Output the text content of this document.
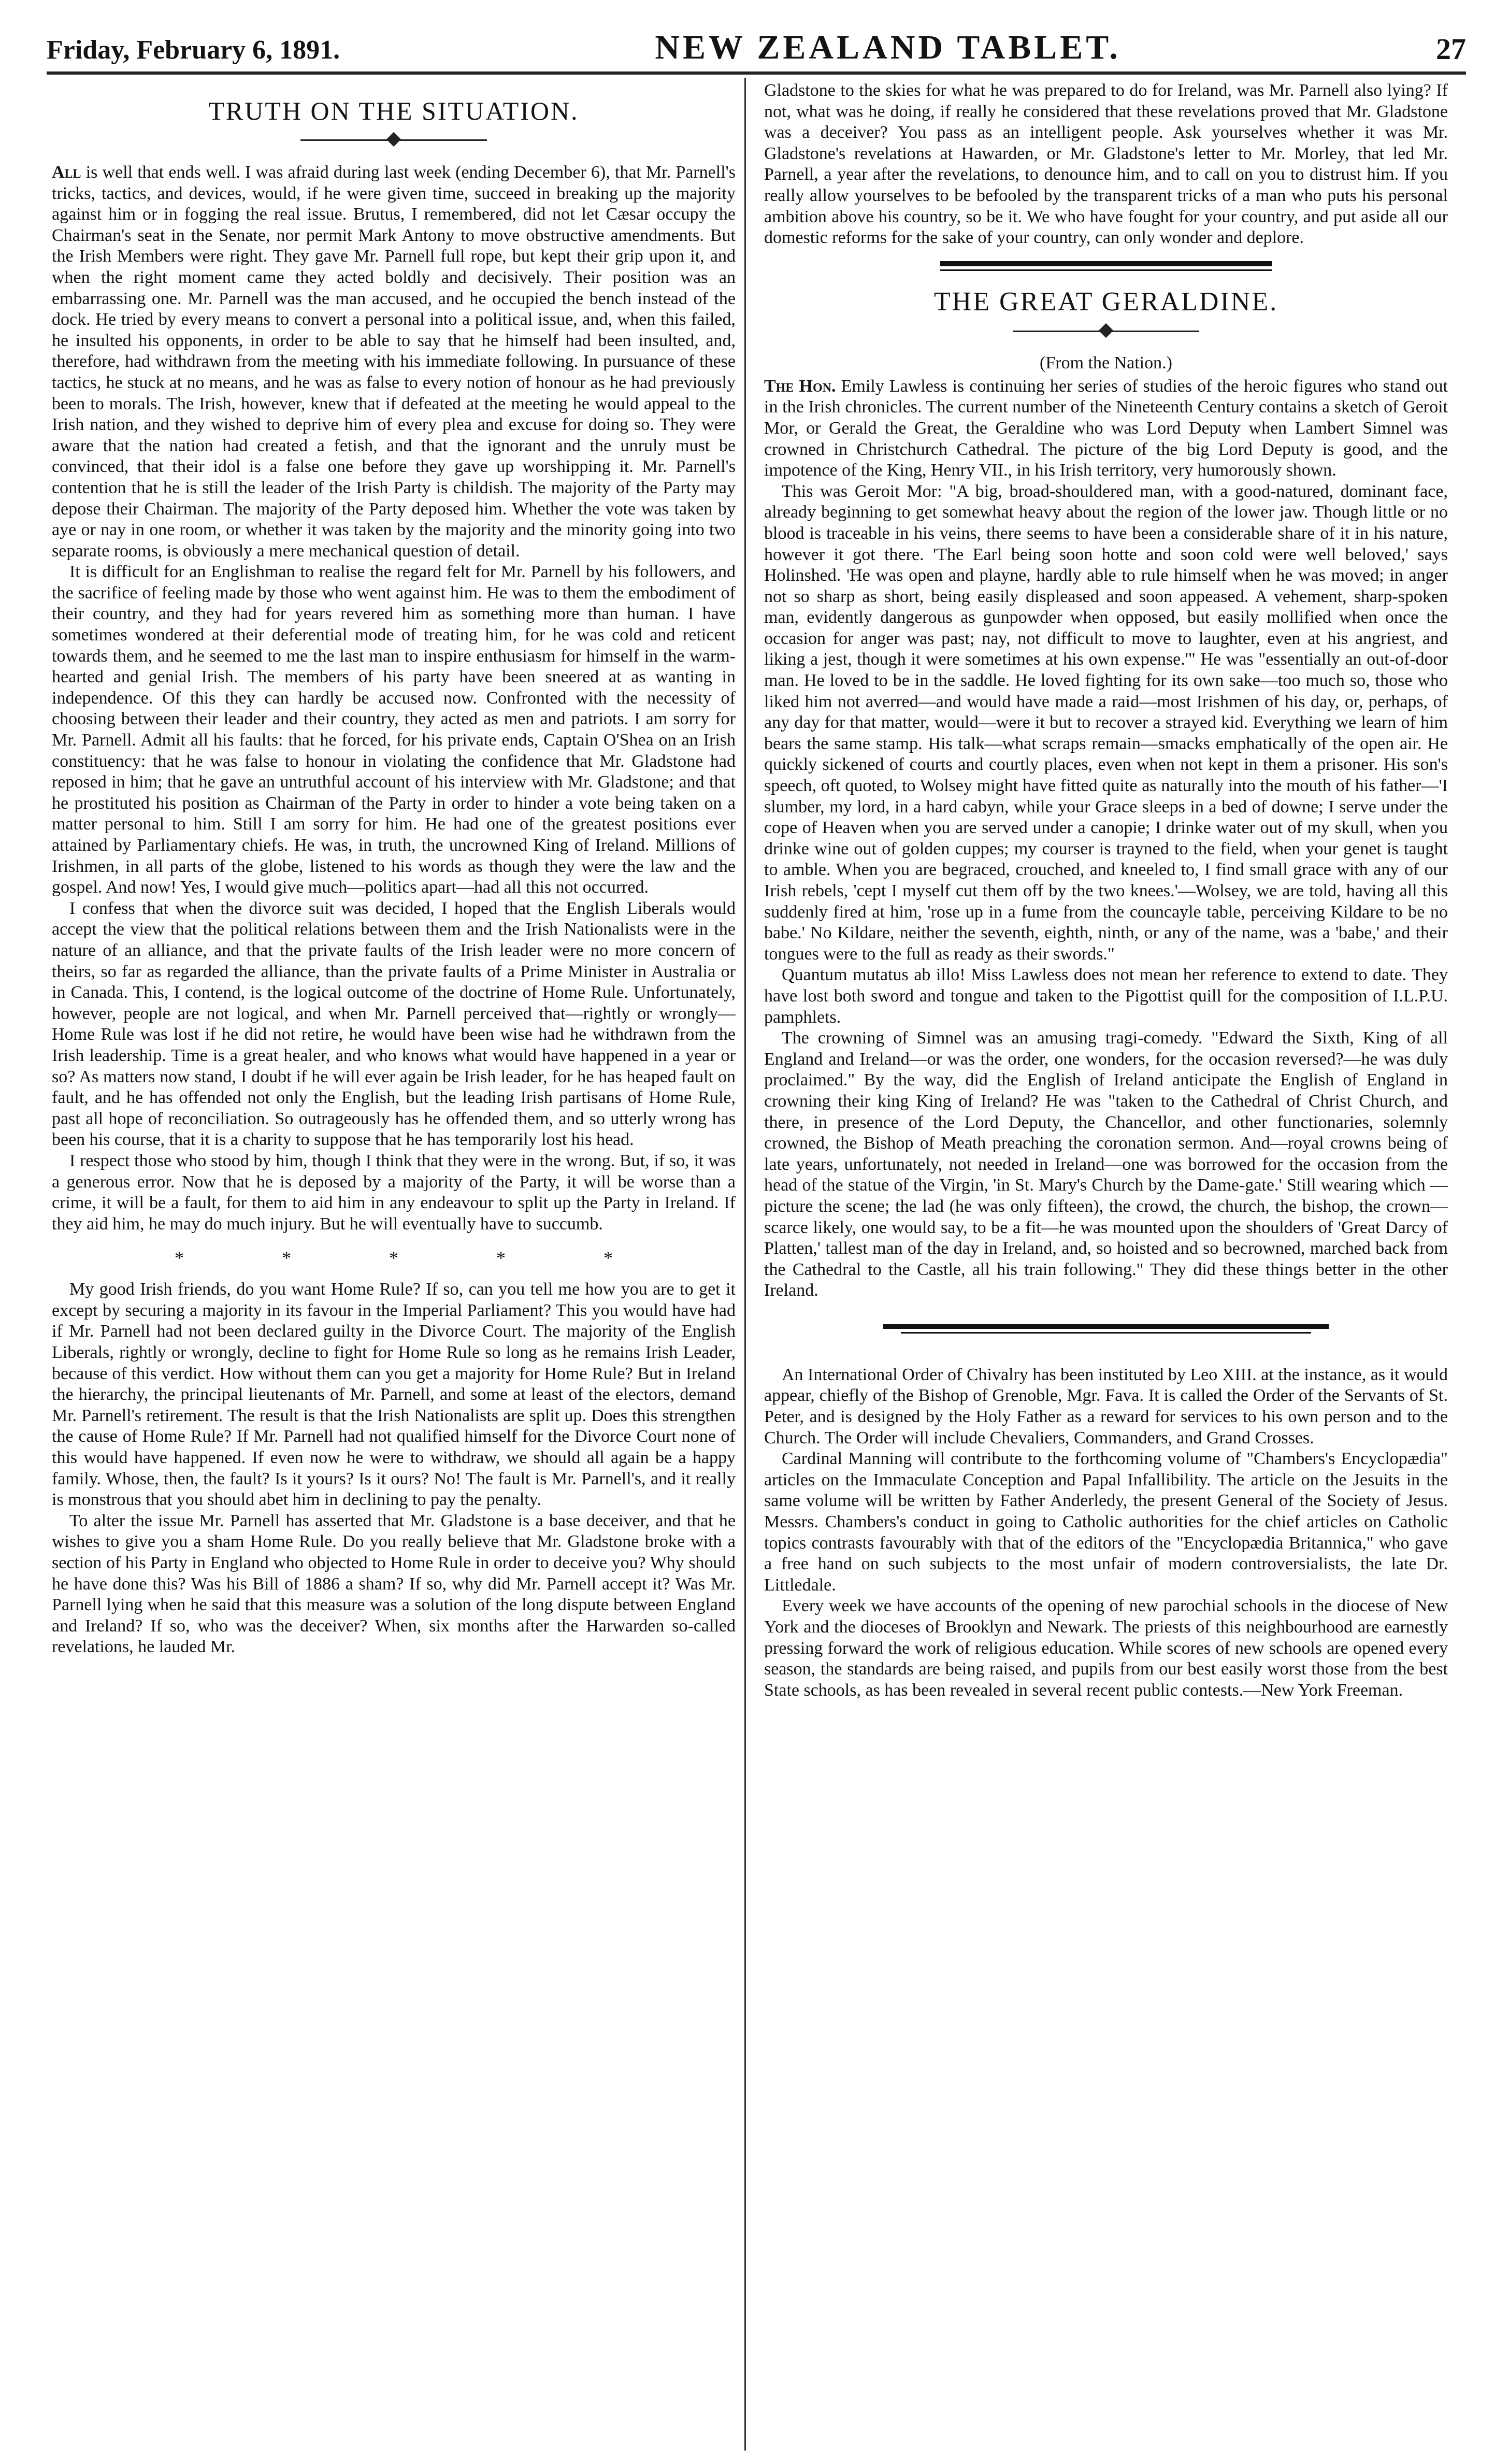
Friday, February 6, 1891.	NEW ZEALAND TABLET.	27
TRUTH ON THE SITUATION.

All is well that ends well. I was afraid during last week (ending December 6), that Mr. Parnell's tricks, tactics, and devices, would, if he were given time, succeed in breaking up the majority against him or in fogging the real issue. Brutus, I remembered, did not let Cæsar occupy the Chairman's seat in the Senate, nor permit Mark Antony to move obstructive amendments. But the Irish Members were right. They gave Mr. Parnell full rope, but kept their grip upon it, and when the right moment came they acted boldly and decisively. Their position was an embarrassing one. Mr. Parnell was the man accused, and he occupied the bench instead of the dock. He tried by every means to convert a personal into a political issue, and, when this failed, he insulted his opponents, in order to be able to say that he himself had been insulted, and, therefore, had withdrawn from the meeting with his immediate following. In pursuance of these tactics, he stuck at no means, and he was as false to every notion of honour as he had previously been to morals. The Irish, however, knew that if defeated at the meeting he would appeal to the Irish nation, and they wished to deprive him of every plea and excuse for doing so. They were aware that the nation had created a fetish, and that the ignorant and the unruly must be convinced, that their idol is a false one before they gave up worshipping it. Mr. Parnell's contention that he is still the leader of the Irish Party is childish. The majority of the Party may depose their Chairman. The majority of the Party deposed him. Whether the vote was taken by aye or nay in one room, or whether it was taken by the majority and the minority going into two separate rooms, is obviously a mere mechanical question of detail.

It is difficult for an Englishman to realise the regard felt for Mr. Parnell by his followers, and the sacrifice of feeling made by those who went against him. He was to them the embodiment of their country, and they had for years revered him as something more than human. I have sometimes wondered at their deferential mode of treating him, for he was cold and reticent towards them, and he seemed to me the last man to inspire enthusiasm for himself in the warm-hearted and genial Irish. The members of his party have been sneered at as wanting in independence. Of this they can hardly be accused now. Confronted with the necessity of choosing between their leader and their country, they acted as men and patriots. I am sorry for Mr. Parnell. Admit all his faults: that he forced, for his private ends, Captain O'Shea on an Irish constituency: that he was false to honour in violating the confidence that Mr. Gladstone had reposed in him; that he gave an untruthful account of his interview with Mr. Gladstone; and that he prostituted his position as Chairman of the Party in order to hinder a vote being taken on a matter personal to him. Still I am sorry for him. He had one of the greatest positions ever attained by Parliamentary chiefs. He was, in truth, the uncrowned King of Ireland. Millions of Irishmen, in all parts of the globe, listened to his words as though they were the law and the gospel. And now! Yes, I would give much—politics apart—had all this not occurred.

I confess that when the divorce suit was decided, I hoped that the English Liberals would accept the view that the political relations between them and the Irish Nationalists were in the nature of an alliance, and that the private faults of the Irish leader were no more concern of theirs, so far as regarded the alliance, than the private faults of a Prime Minister in Australia or in Canada. This, I contend, is the logical outcome of the doctrine of Home Rule. Unfortunately, however, people are not logical, and when Mr. Parnell perceived that—rightly or wrongly—Home Rule was lost if he did not retire, he would have been wise had he withdrawn from the Irish leadership. Time is a great healer, and who knows what would have happened in a year or so? As matters now stand, I doubt if he will ever again be Irish leader, for he has heaped fault on fault, and he has offended not only the English, but the leading Irish partisans of Home Rule, past all hope of reconciliation. So outrageously has he offended them, and so utterly wrong has been his course, that it is a charity to suppose that he has temporarily lost his head.

I respect those who stood by him, though I think that they were in the wrong. But, if so, it was a generous error. Now that he is deposed by a majority of the Party, it will be worse than a crime, it will be a fault, for them to aid him in any endeavour to split up the Party in Ireland. If they aid him, he may do much injury. But he will eventually have to succumb.

* * * * *

My good Irish friends, do you want Home Rule? If so, can you tell me how you are to get it except by securing a majority in its favour in the Imperial Parliament? This you would have had if Mr. Parnell had not been declared guilty in the Divorce Court. The majority of the English Liberals, rightly or wrongly, decline to fight for Home Rule so long as he remains Irish Leader, because of this verdict. How without them can you get a majority for Home Rule? But in Ireland the hierarchy, the principal lieutenants of Mr. Parnell, and some at least of the electors, demand Mr. Parnell's retirement. The result is that the Irish Nationalists are split up. Does this strengthen the cause of Home Rule? If Mr. Parnell had not qualified himself for the Divorce Court none of this would have happened. If even now he were to withdraw, we should all again be a happy family. Whose, then, the fault? Is it yours? Is it ours? No! The fault is Mr. Parnell's, and it really is monstrous that you should abet him in declining to pay the penalty.

To alter the issue Mr. Parnell has asserted that Mr. Gladstone is a base deceiver, and that he wishes to give you a sham Home Rule. Do you really believe that Mr. Gladstone broke with a section of his Party in England who objected to Home Rule in order to deceive you? Why should he have done this? Was his Bill of 1886 a sham? If so, why did Mr. Parnell accept it? Was Mr. Parnell lying when he said that this measure was a solution of the long dispute between England and Ireland? If so, who was the deceiver? When, six months after the Harwarden so-called revelations, he lauded Mr.

Gladstone to the skies for what he was prepared to do for Ireland, was Mr. Parnell also lying? If not, what was he doing, if really he considered that these revelations proved that Mr. Gladstone was a deceiver? You pass as an intelligent people. Ask yourselves whether it was Mr. Gladstone's revelations at Hawarden, or Mr. Gladstone's letter to Mr. Morley, that led Mr. Parnell, a year after the revelations, to denounce him, and to call on you to distrust him. If you really allow yourselves to be befooled by the transparent tricks of a man who puts his personal ambition above his country, so be it. We who have fought for your country, and put aside all our domestic reforms for the sake of your country, can only wonder and deplore.

THE GREAT GERALDINE.
(From the Nation.)

The Hon. Emily Lawless is continuing her series of studies of the heroic figures who stand out in the Irish chronicles. The current number of the Nineteenth Century contains a sketch of Geroit Mor, or Gerald the Great, the Geraldine who was Lord Deputy when Lambert Simnel was crowned in Christchurch Cathedral. The picture of the big Lord Deputy is good, and the impotence of the King, Henry VII., in his Irish territory, very humorously shown.

This was Geroit Mor: "A big, broad-shouldered man, with a good-natured, dominant face, already beginning to get somewhat heavy about the region of the lower jaw. Though little or no blood is traceable in his veins, there seems to have been a considerable share of it in his nature, however it got there. 'The Earl being soon hotte and soon cold were well beloved,' says Holinshed. 'He was open and playne, hardly able to rule himself when he was moved; in anger not so sharp as short, being easily displeased and soon appeased. A vehement, sharp-spoken man, evidently dangerous as gunpowder when opposed, but easily mollified when once the occasion for anger was past; nay, not difficult to move to laughter, even at his angriest, and liking a jest, though it were sometimes at his own expense.'" He was "essentially an out-of-door man. He loved to be in the saddle. He loved fighting for its own sake—too much so, those who liked him not averred—and would have made a raid—most Irishmen of his day, or, perhaps, of any day for that matter, would—were it but to recover a strayed kid. Everything we learn of him bears the same stamp. His talk—what scraps remain—smacks emphatically of the open air. He quickly sickened of courts and courtly places, even when not kept in them a prisoner. His son's speech, oft quoted, to Wolsey might have fitted quite as naturally into the mouth of his father—'I slumber, my lord, in a hard cabyn, while your Grace sleeps in a bed of downe; I serve under the cope of Heaven when you are served under a canopie; I drinke water out of my skull, when you drinke wine out of golden cuppes; my courser is trayned to the field, when your genet is taught to amble. When you are begraced, crouched, and kneeled to, I find small grace with any of our Irish rebels, 'cept I myself cut them off by the two knees.'—Wolsey, we are told, having all this suddenly fired at him, 'rose up in a fume from the councayle table, perceiving Kildare to be no babe.' No Kildare, neither the seventh, eighth, ninth, or any of the name, was a 'babe,' and their tongues were to the full as ready as their swords."

Quantum mutatus ab illo! Miss Lawless does not mean her reference to extend to date. They have lost both sword and tongue and taken to the Pigottist quill for the composition of I.L.P.U. pamphlets.

The crowning of Simnel was an amusing tragi-comedy. "Edward the Sixth, King of all England and Ireland—or was the order, one wonders, for the occasion reversed?—he was duly proclaimed." By the way, did the English of Ireland anticipate the English of England in crowning their king King of Ireland? He was "taken to the Cathedral of Christ Church, and there, in presence of the Lord Deputy, the Chancellor, and other functionaries, solemnly crowned, the Bishop of Meath preaching the coronation sermon. And—royal crowns being of late years, unfortunately, not needed in Ireland—one was borrowed for the occasion from the head of the statue of the Virgin, 'in St. Mary's Church by the Dame-gate.' Still wearing which —picture the scene; the lad (he was only fifteen), the crowd, the church, the bishop, the crown—scarce likely, one would say, to be a fit—he was mounted upon the shoulders of 'Great Darcy of Platten,' tallest man of the day in Ireland, and, so hoisted and so becrowned, marched back from the Cathedral to the Castle, all his train following." They did these things better in the other Ireland.

An International Order of Chivalry has been instituted by Leo XIII. at the instance, as it would appear, chiefly of the Bishop of Grenoble, Mgr. Fava. It is called the Order of the Servants of St. Peter, and is designed by the Holy Father as a reward for services to his own person and to the Church. The Order will include Chevaliers, Commanders, and Grand Crosses.

Cardinal Manning will contribute to the forthcoming volume of "Chambers's Encyclopædia" articles on the Immaculate Conception and Papal Infallibility. The article on the Jesuits in the same volume will be written by Father Anderledy, the present General of the Society of Jesus. Messrs. Chambers's conduct in going to Catholic authorities for the chief articles on Catholic topics contrasts favourably with that of the editors of the "Encyclopædia Britannica," who gave a free hand on such subjects to the most unfair of modern controversialists, the late Dr. Littledale.

Every week we have accounts of the opening of new parochial schools in the diocese of New York and the dioceses of Brooklyn and Newark. The priests of this neighbourhood are earnestly pressing forward the work of religious education. While scores of new schools are opened every season, the standards are being raised, and pupils from our best easily worst those from the best State schools, as has been revealed in several recent public contests.—New York Freeman.
